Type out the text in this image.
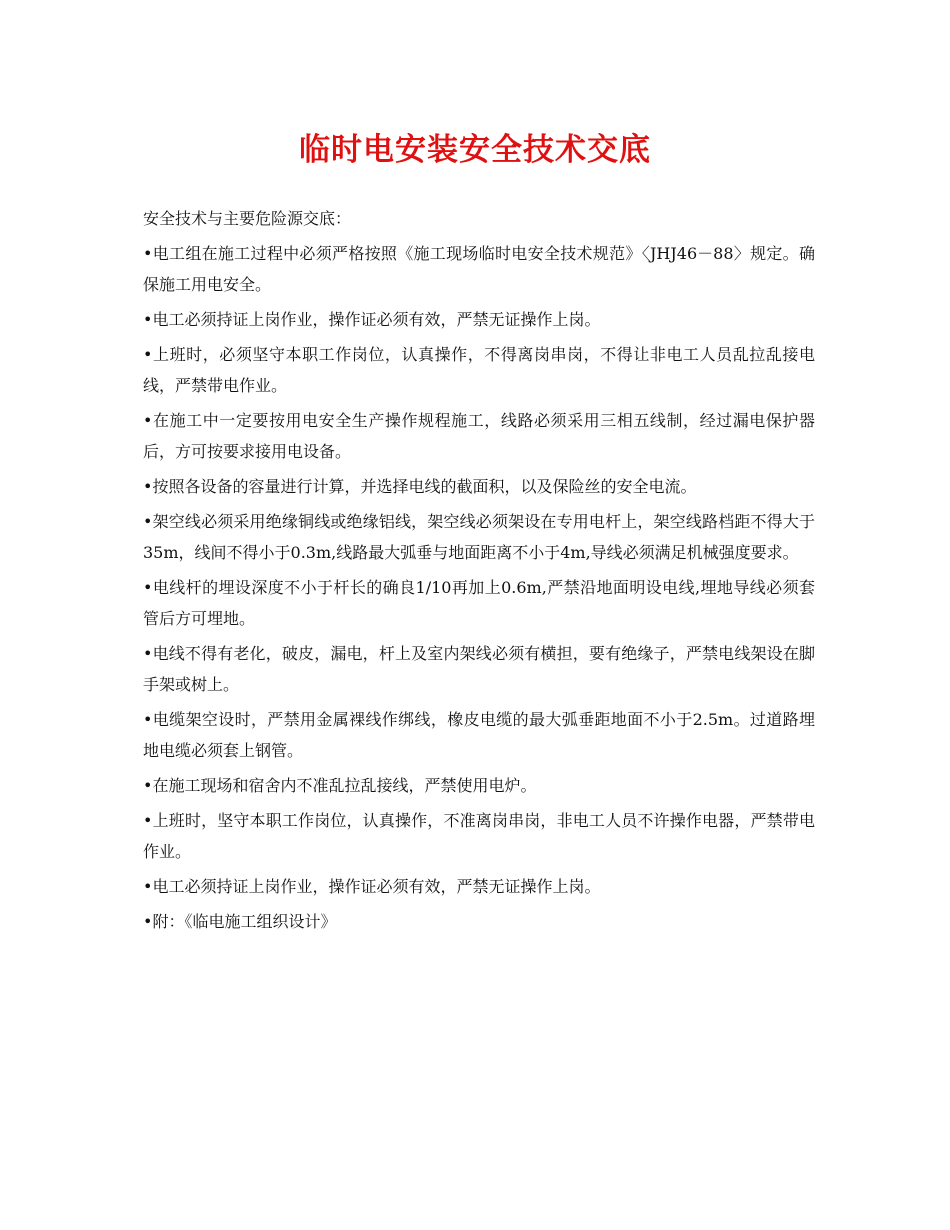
临时电安装安全技术交底

安全技术与主要危险源交底：

•电工组在施工过程中必须严格按照《施工现场临时电安全技术规范》〈JHJ46－88〉规定。确保施工用电安全。

•电工必须持证上岗作业，操作证必须有效，严禁无证操作上岗。

•上班时，必须坚守本职工作岗位，认真操作，不得离岗串岗，不得让非电工人员乱拉乱接电线，严禁带电作业。

•在施工中一定要按用电安全生产操作规程施工，线路必须采用三相五线制，经过漏电保护器后，方可按要求接用电设备。

•按照各设备的容量进行计算，并选择电线的截面积，以及保险丝的安全电流。

•架空线必须采用绝缘铜线或绝缘铝线，架空线必须架设在专用电杆上，架空线路档距不得大于35m，线间不得小于0.3m,线路最大弧垂与地面距离不小于4m,导线必须满足机械强度要求。

•电线杆的埋设深度不小于杆长的确良1/10再加上0.6m,严禁沿地面明设电线,埋地导线必须套管后方可埋地。

•电线不得有老化，破皮，漏电，杆上及室内架线必须有横担，要有绝缘子，严禁电线架设在脚手架或树上。

•电缆架空设时，严禁用金属裸线作绑线，橡皮电缆的最大弧垂距地面不小于2.5m。过道路埋地电缆必须套上钢管。

•在施工现场和宿舍内不准乱拉乱接线，严禁使用电炉。

•上班时，坚守本职工作岗位，认真操作，不准离岗串岗，非电工人员不许操作电器，严禁带电作业。

•电工必须持证上岗作业，操作证必须有效，严禁无证操作上岗。

•附：《临电施工组织设计》
